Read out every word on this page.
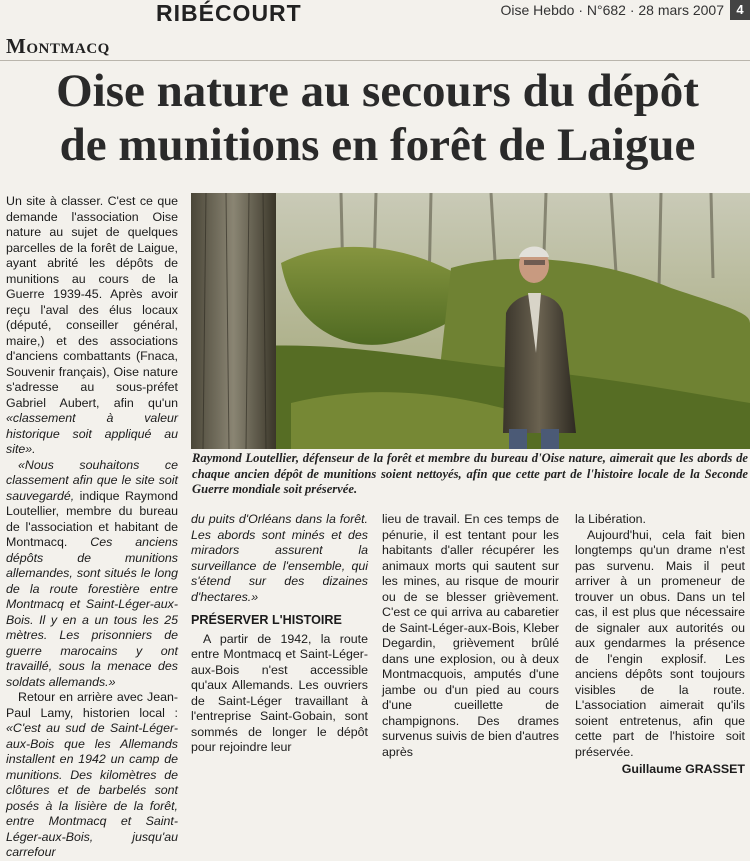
RIBÉCOURT	Oise Hebdo · N°682 · 28 mars 2007 4
Montmacq
Oise nature au secours du dépôt
de munitions en forêt de Laigue

Un site à classer. C'est ce que demande l'association Oise nature au sujet de quelques parcelles de la forêt de Laigue, ayant abrité les dépôts de munitions au cours de la Guerre 1939-45. Après avoir reçu l'aval des élus locaux (député, conseiller général, maire,) et des associations d'anciens combattants (Fnaca, Souvenir français), Oise nature s'adresse au sous-préfet Gabriel Aubert, afin qu'un «classement à valeur historique soit appliqué au site».

«Nous souhaitons ce classement afin que le site soit sauvegardé, indique Raymond Loutellier, membre du bureau de l'association et habitant de Montmacq. Ces anciens dépôts de munitions allemandes, sont situés le long de la route forestière entre Montmacq et Saint-Léger-aux-Bois. Il y en a un tous les 25 mètres. Les prisonniers de guerre marocains y ont travaillé, sous la menace des soldats allemands.»

Retour en arrière avec Jean-Paul Lamy, historien local : «C'est au sud de Saint-Léger-aux-Bois que les Allemands installent en 1942 un camp de munitions. Des kilomètres de clôtures et de barbelés sont posés à la lisière de la forêt, entre Montmacq et Saint-Léger-aux-Bois, jusqu'au carrefour

Raymond Loutellier, défenseur de la forêt et membre du bureau d'Oise nature, aimerait que les abords de chaque ancien dépôt de munitions soient nettoyés, afin que cette part de l'histoire locale de la Seconde Guerre mondiale soit préservée.

du puits d'Orléans dans la forêt. Les abords sont minés et des miradors assurent la surveillance de l'ensemble, qui s'étend sur des dizaines d'hectares.»

PRÉSERVER L'HISTOIRE

A partir de 1942, la route entre Montmacq et Saint-Léger-aux-Bois n'est accessible qu'aux Allemands. Les ouvriers de Saint-Léger travaillant à l'entreprise Saint-Gobain, sont sommés de longer le dépôt pour rejoindre leur

lieu de travail. En ces temps de pénurie, il est tentant pour les habitants d'aller récupérer les animaux morts qui sautent sur les mines, au risque de mourir ou de se blesser grièvement. C'est ce qui arriva au cabaretier de Saint-Léger-aux-Bois, Kleber Degardin, grièvement brûlé dans une explosion, ou à deux Montmacquois, amputés d'une jambe ou d'un pied au cours d'une cueillette de champignons. Des drames survenus suivis de bien d'autres après

la Libération.

Aujourd'hui, cela fait bien longtemps qu'un drame n'est pas survenu. Mais il peut arriver à un promeneur de trouver un obus. Dans un tel cas, il est plus que nécessaire de signaler aux autorités ou aux gendarmes la présence de l'engin explosif. Les anciens dépôts sont toujours visibles de la route. L'association aimerait qu'ils soient entretenus, afin que cette part de l'histoire soit préservée.

Guillaume GRASSET
